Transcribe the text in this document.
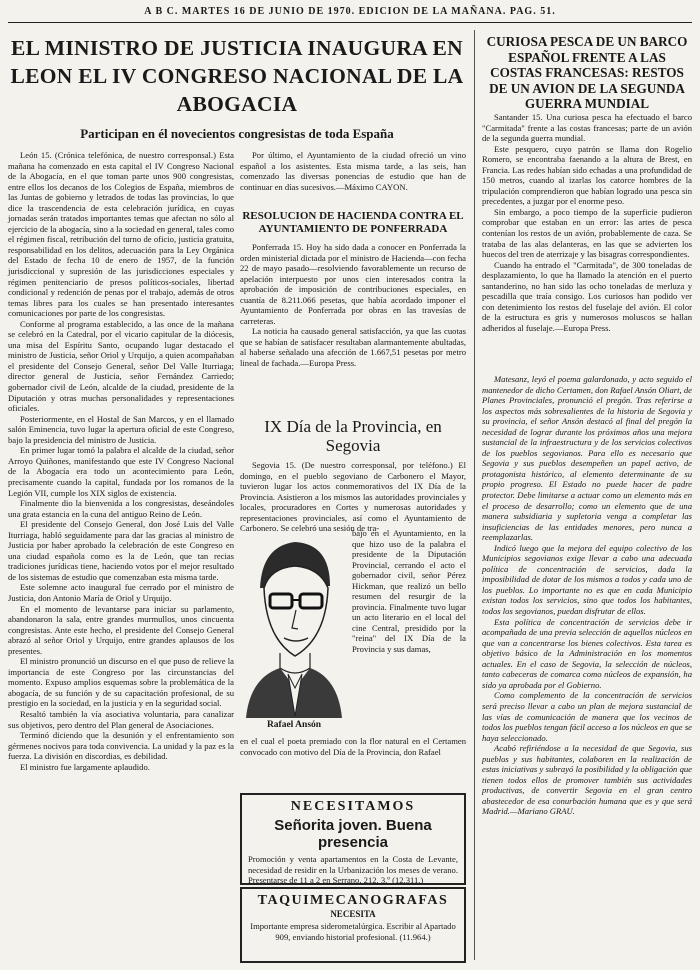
A B C. MARTES 16 DE JUNIO DE 1970. EDICION DE LA MAÑANA. PAG. 51.
EL MINISTRO DE JUSTICIA INAUGURA EN LEON EL IV CONGRESO NACIONAL DE LA ABOGACIA
Participan en él novecientos congresistas de toda España

León 15. (Crónica telefónica, de nuestro corresponsal.) Esta mañana ha comenzado en esta capital el IV Congreso Nacional de la Abogacía, en el que toman parte unos 900 congresistas, entre ellos los decanos de los Colegios de España, miembros de las Juntas de gobierno y letrados de todas las provincias, lo que dice la trascendencia de esta celebración jurídica, en cuyas jornadas serán tratados importantes temas que afectan no sólo al ejercicio de la abogacía, sino a la sociedad en general, tales como el régimen fiscal, retribución del turno de oficio, justicia gratuita, responsabilidad en los delitos, adecuación para la Ley Orgánica del Estado de fecha 10 de enero de 1957, de la función jurisdiccional y supresión de las jurisdicciones especiales y régimen penitenciario de presos políticos-sociales, libertad condicional y redención de penas por el trabajo, además de otros temas libres para los cuales se han presentado interesantes comunicaciones por parte de los congresistas.

Conforme al programa establecido, a las once de la mañana se celebró en la Catedral, por el vicario capitular de la diócesis, una misa del Espíritu Santo, ocupando lugar destacado el ministro de Justicia, señor Oriol y Urquijo, a quien acompañaban el presidente del Consejo General, señor Del Valle Iturriaga; director general de Justicia, señor Fernández Carriedo; gobernador civil de León, alcalde de la ciudad, presidente de la Diputación y otras muchas personalidades y representaciones oficiales.

Posteriormente, en el Hostal de San Marcos, y en el llamado salón Eminencia, tuvo lugar la apertura oficial de este Congreso, bajo la presidencia del ministro de Justicia.

En primer lugar tomó la palabra el alcalde de la ciudad, señor Arroyo Quiñones, manifestando que este IV Congreso Nacional de la Abogacía era todo un acontecimiento para León, precisamente cuando la capital, fundada por los romanos de la Legión VII, cumple los XIX siglos de existencia.

Finalmente dio la bienvenida a los congresistas, deseándoles una grata estancia en la cuna del antiguo Reino de León.

El presidente del Consejo General, don José Luis del Valle Iturriaga, habló seguidamente para dar las gracias al ministro de Justicia por haber aprobado la celebración de este Congreso en una ciudad española como es la de León, que tan recias tradiciones jurídicas tiene, haciendo votos por el mejor resultado de los sistemas de estudio que comenzaban esta misma tarde.

Este solemne acto inaugural fue cerrado por el ministro de Justicia, don Antonio María de Oriol y Urquijo.

En el momento de levantarse para iniciar su parlamento, abandonaron la sala, entre grandes murmullos, unos cincuenta congresistas. Ante este hecho, el presidente del Consejo General abrazó al señor Oriol y Urquijo, entre grandes aplausos de los presentes.

El ministro pronunció un discurso en el que puso de relieve la importancia de este Congreso por las circunstancias del momento. Expuso amplios esquemas sobre la problemática de la abogacía, de su función y de su capacitación profesional, de su prestigio en la sociedad, en la justicia y en la seguridad social.

Resaltó también la vía asociativa voluntaria, para canalizar sus objetivos, pero dentro del Plan general de Asociaciones.

Terminó diciendo que la desunión y el enfrentamiento son gérmenes nocivos para toda convivencia. La unidad y la paz es la fuerza. La división en discordias, es debilidad.

El ministro fue largamente aplaudido.

Por último, el Ayuntamiento de la ciudad ofreció un vino español a los asistentes. Esta misma tarde, a las seis, han comenzado las diversas ponencias de estudio que han de continuar en días sucesivos.—Máximo CAYON.

RESOLUCION DE HACIENDA CONTRA EL AYUNTAMIENTO DE PONFERRADA

Ponferrada 15. Hoy ha sido dada a conocer en Ponferrada la orden ministerial dictada por el ministro de Hacienda—con fecha 22 de mayo pasado—resolviendo favorablemente un recurso de apelación interpuesto por unos cien interesados contra la aprobación de imposición de contribuciones especiales, en cuantía de 8.211.066 pesetas, que había acordado imponer el Ayuntamiento de Ponferrada por obras en las travesías de carreteras.

La noticia ha causado general satisfacción, ya que las cuotas que se habían de satisfacer resultaban alarmantemente abultadas, al haberse señalado una afección de 1.667,51 pesetas por metro lineal de fachada.—Europa Press.

IX Día de la Provincia, en Segovia

Segovia 15. (De nuestro corresponsal, por teléfono.) El domingo, en el pueblo segoviano de Carbonero el Mayor, tuvieron lugar los actos conmemorativos del IX Día de la Provincia. Asistieron a los mismos las autoridades provinciales y locales, procuradores en Cortes y numerosas autoridades y representaciones provinciales, así como el Ayuntamiento de Carbonero. Se celebró una sesión de tra-

Rafael Ansón

bajo en el Ayuntamiento, en la que hizo uso de la palabra el presidente de la Diputación Provincial, cerrando el acto el gobernador civil, señor Pérez Hickman, que realizó un bello resumen del resurgir de la provincia. Finalmente tuvo lugar un acto literario en el local del cine Central, presidido por la "reina" del IX Día de la Provincia y sus damas,

en el cual el poeta premiado con la flor natural en el Certamen convocado con motivo del Día de la Provincia, don Rafael

NECESITAMOS
Señorita joven. Buena presencia
Promoción y venta apartamentos en la Costa de Levante, necesidad de residir en la Urbanización los meses de verano. Presentarse de 11 a 2 en Serrano, 212, 3.º (12.311.)
TAQUIMECANOGRAFAS
NECESITA
Importante empresa siderometalúrgica. Escribir al Apartado 909, enviando historial profesional. (11.964.)
CURIOSA PESCA DE UN BARCO ESPAÑOL FRENTE A LAS COSTAS FRANCESAS: RESTOS DE UN AVION DE LA SEGUNDA GUERRA MUNDIAL

Santander 15. Una curiosa pesca ha efectuado el barco "Carmitada" frente a las costas francesas; parte de un avión de la segunda guerra mundial.

Este pesquero, cuyo patrón se llama don Rogelio Romero, se encontraba faenando a la altura de Brest, en Francia. Las redes habían sido echadas a una profundidad de 150 metros, cuando al izarlas los catorce hombres de la tripulación comprendieron que habían logrado una pesca sin precedentes, a juzgar por el enorme peso.

Sin embargo, a poco tiempo de la superficie pudieron comprobar que estaban en un error: las artes de pesca contenían los restos de un avión, probablemente de caza. Se trataba de las alas delanteras, en las que se advierten los huecos del tren de aterrizaje y las bisagras correspondientes.

Cuando ha entrado el "Carmitada", de 300 toneladas de desplazamiento, lo que ha llamado la atención en el puerto santanderino, no han sido las ocho toneladas de merluza y pescadilla que traía consigo. Los curiosos han podido ver con detenimiento los restos del fuselaje del avión. El color de la estructura es gris y numerosos moluscos se hallan adheridos al fuselaje.—Europa Press.

Matesanz, leyó el poema galardonado, y acto seguido el mantenedor de dicho Certamen, don Rafael Ansón Oliart, de Planes Provinciales, pronunció el pregón. Tras referirse a los aspectos más sobresalientes de la historia de Segovia y su provincia, el señor Ansón destacó al final del pregón la necesidad de lograr durante los próximos años una mejora sustancial de la infraestructura y de los servicios colectivos de los pueblos segovianos. Para ello es necesario que Segovia y sus pueblos desempeñen un papel activo, de protagonista histórico, al elemento determinante de su propio progreso. El Estado no puede hacer de padre protector. Debe limitarse a actuar como un elemento más en el proceso de desarrollo; como un elemento que de una manera subsidiaria y supletoria venga a completar las insuficiencias de las entidades menores, pero nunca a reemplazarlas.

Indicó luego que la mejora del equipo colectivo de los Municipios segovianos exige llevar a cabo una adecuada política de concentración de servicios, dada la imposibilidad de dotar de los mismos a todos y cada uno de los pueblos. Lo importante no es que en cada Municipio existan todos los servicios, sino que todos los habitantes, todos los segovianos, puedan disfrutar de ellos.

Esta política de concentración de servicios debe ir acompañada de una previa selección de aquellos núcleos en que van a concentrarse los bienes colectivos. Esta tarea es objetivo básico de la Administración en los momentos actuales. En el caso de Segovia, la selección de núcleos, tanto cabeceras de comarca como núcleos de expansión, ha sido ya aprobada por el Gobierno.

Como complemento de la concentración de servicios será preciso llevar a cabo un plan de mejora sustancial de las vías de comunicación de manera que los vecinos de todos los pueblos tengan fácil acceso a los núcleos en que se haya seleccionado.

Acabó refiriéndose a la necesidad de que Segovia, sus pueblos y sus habitantes, colaboren en la realización de estas iniciativas y subrayó la posibilidad y la obligación que tienen todos ellos de promover también sus actividades productivas, de convertir Segovia en el gran centro abastecedor de esa conurbación humana que es y que será Madrid.—Mariano GRAU.
